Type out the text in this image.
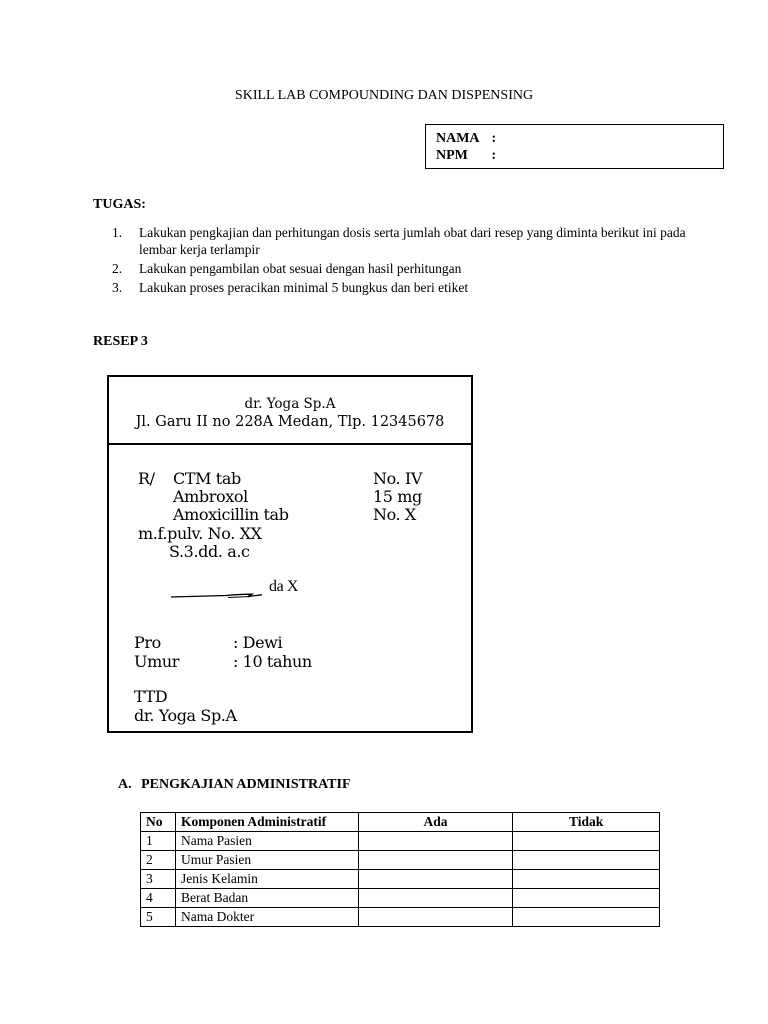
SKILL LAB COMPOUNDING DAN DISPENSING
NAMA :
NPM :
TUGAS:
1. Lakukan pengkajian dan perhitungan dosis serta jumlah obat dari resep yang diminta berikut ini pada lembar kerja terlampir
2. Lakukan pengambilan obat sesuai dengan hasil perhitungan
3. Lakukan proses peracikan minimal 5 bungkus dan beri etiket
RESEP 3
dr. Yoga Sp.A
Jl. Garu II no 228A Medan, Tlp. 12345678
R/ CTM tab	No. IV
Ambroxol	15 mg
Amoxicillin tab	No. X
m.f.pulv. No. XX
S.3.dd. a.c
da X
Pro	: Dewi
Umur	: 10 tahun
TTD
dr. Yoga Sp.A
A. PENGKAJIAN ADMINISTRATIF
No	Komponen Administratif	Ada	Tidak
1	Nama Pasien		
2	Umur Pasien		
3	Jenis Kelamin		
4	Berat Badan		
5	Nama Dokter		
